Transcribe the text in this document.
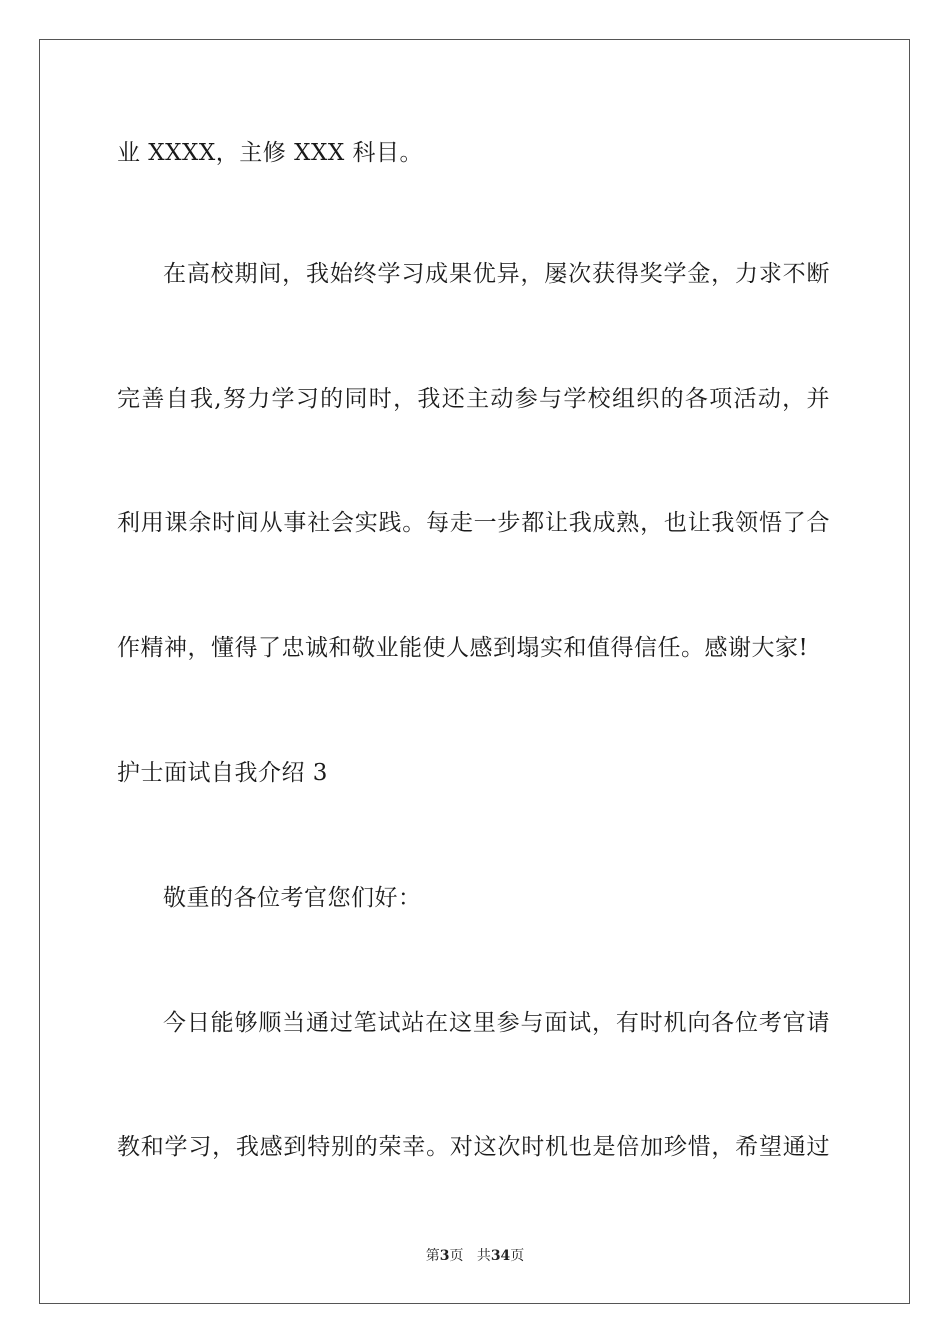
业 XXXX，主修 XXX 科目。
在高校期间，我始终学习成果优异，屡次获得奖学金，力求不断
完善自我,努力学习的同时，我还主动参与学校组织的各项活动，并
利用课余时间从事社会实践。每走一步都让我成熟，也让我领悟了合
作精神，懂得了忠诚和敬业能使人感到塌实和值得信任。感谢大家!
护士面试自我介绍 3
敬重的各位考官您们好：
今日能够顺当通过笔试站在这里参与面试，有时机向各位考官请
教和学习，我感到特别的荣幸。对这次时机也是倍加珍惜，希望通过
第3页 共34页
